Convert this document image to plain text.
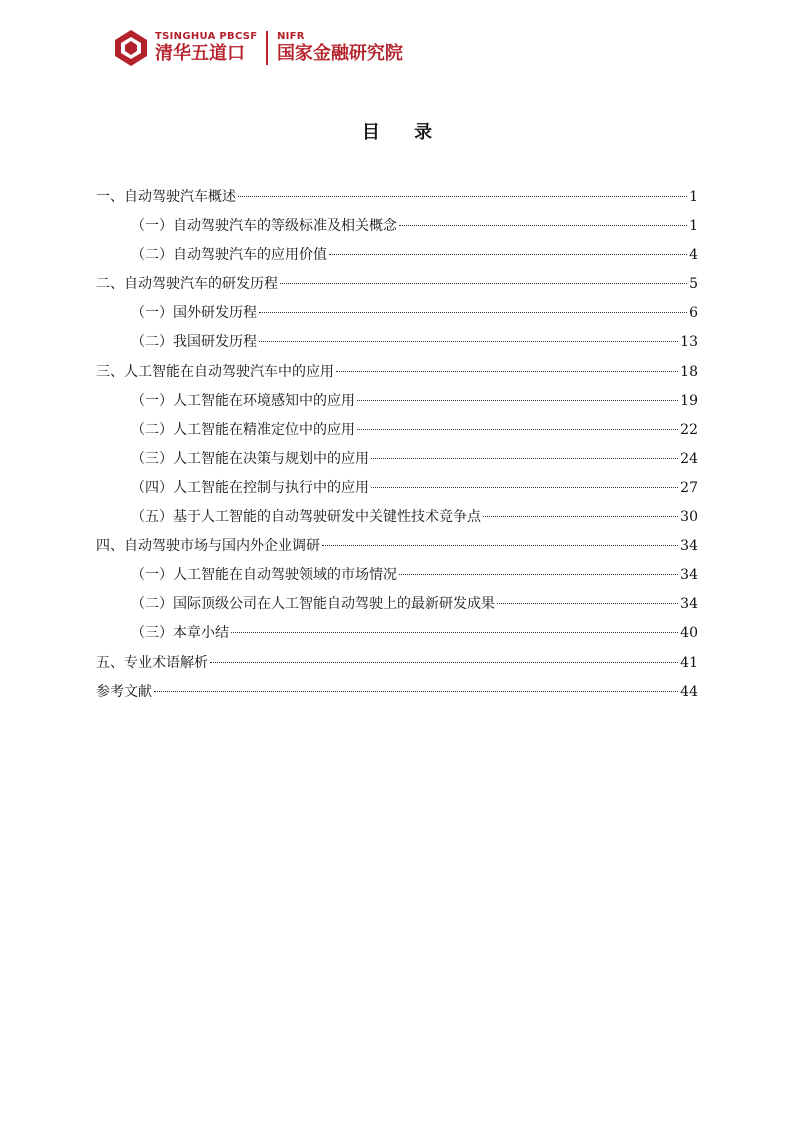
TSINGHUA PBCSF
清华五道口
NIFR
国家金融研究院
目 录
一、自动驾驶汽车概述	1
（一）自动驾驶汽车的等级标准及相关概念	1
（二）自动驾驶汽车的应用价值	4
二、自动驾驶汽车的研发历程	5
（一）国外研发历程	6
（二）我国研发历程	13
三、人工智能在自动驾驶汽车中的应用	18
（一）人工智能在环境感知中的应用	19
（二）人工智能在精准定位中的应用	22
（三）人工智能在决策与规划中的应用	24
（四）人工智能在控制与执行中的应用	27
（五）基于人工智能的自动驾驶研发中关键性技术竞争点	30
四、自动驾驶市场与国内外企业调研	34
（一）人工智能在自动驾驶领域的市场情况	34
（二）国际顶级公司在人工智能自动驾驶上的最新研发成果	34
（三）本章小结	40
五、专业术语解析	41
参考文献	44
